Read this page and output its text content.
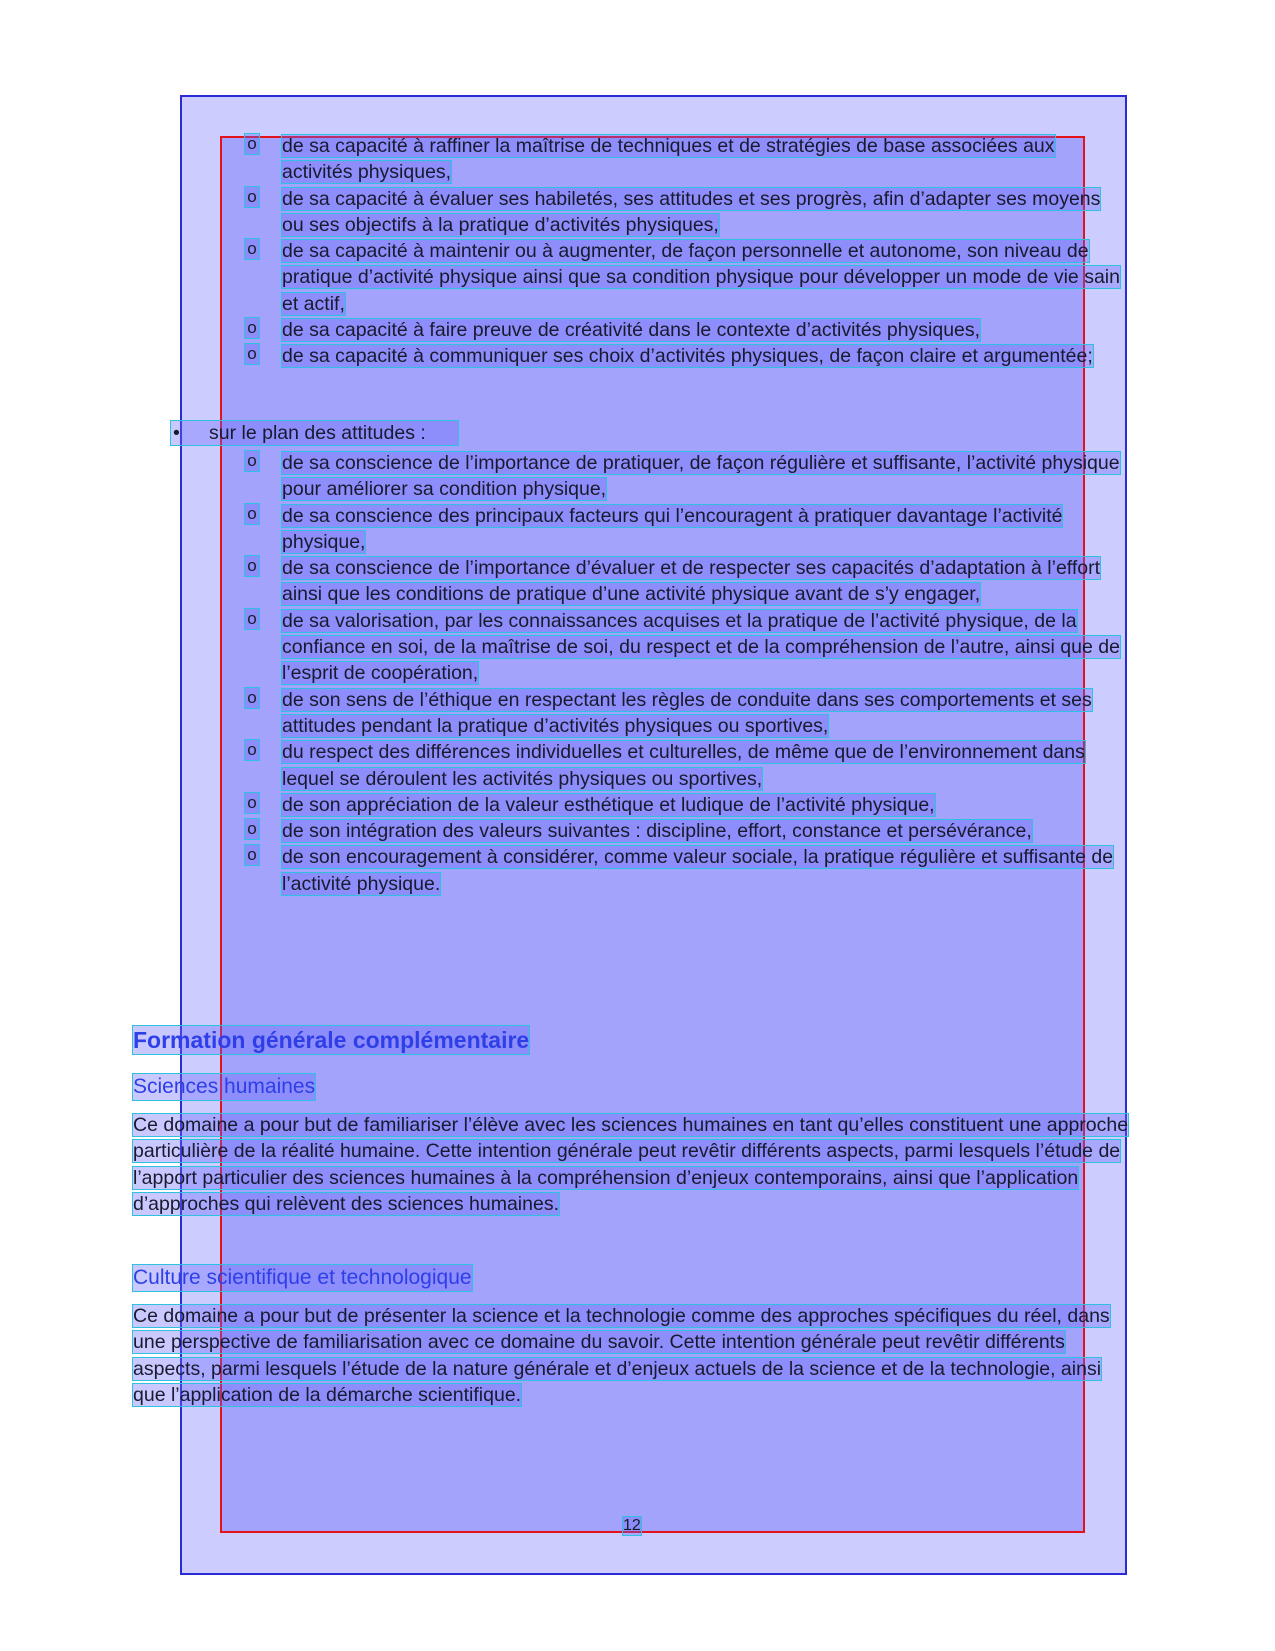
o de sa capacité à raffiner la maîtrise de techniques et de stratégies de base associées aux activités physiques,
o de sa capacité à évaluer ses habiletés, ses attitudes et ses progrès, afin d’adapter ses moyens ou ses objectifs à la pratique d’activités physiques,
o de sa capacité à maintenir ou à augmenter, de façon personnelle et autonome, son niveau de pratique d’activité physique ainsi que sa condition physique pour développer un mode de vie sain et actif,
o de sa capacité à faire preuve de créativité dans le contexte d’activités physiques,
o de sa capacité à communiquer ses choix d’activités physiques, de façon claire et argumentée;
• sur le plan des attitudes :
o de sa conscience de l’importance de pratiquer, de façon régulière et suffisante, l’activité physique pour améliorer sa condition physique,
o de sa conscience des principaux facteurs qui l’encouragent à pratiquer davantage l’activité physique,
o de sa conscience de l’importance d’évaluer et de respecter ses capacités d’adaptation à l’effort ainsi que les conditions de pratique d’une activité physique avant de s’y engager,
o de sa valorisation, par les connaissances acquises et la pratique de l’activité physique, de la confiance en soi, de la maîtrise de soi, du respect et de la compréhension de l’autre, ainsi que de l’esprit de coopération,
o de son sens de l’éthique en respectant les règles de conduite dans ses comportements et ses attitudes pendant la pratique d’activités physiques ou sportives,
o du respect des différences individuelles et culturelles, de même que de l’environnement dans lequel se déroulent les activités physiques ou sportives,
o de son appréciation de la valeur esthétique et ludique de l’activité physique,
o de son intégration des valeurs suivantes : discipline, effort, constance et persévérance,
o de son encouragement à considérer, comme valeur sociale, la pratique régulière et suffisante de l’activité physique.
Formation générale complémentaire
Sciences humaines
Ce domaine a pour but de familiariser l’élève avec les sciences humaines en tant qu’elles constituent une approche particulière de la réalité humaine. Cette intention générale peut revêtir différents aspects, parmi lesquels l’étude de l’apport particulier des sciences humaines à la compréhension d’enjeux contemporains, ainsi que l’application d’approches qui relèvent des sciences humaines.
Culture scientifique et technologique
Ce domaine a pour but de présenter la science et la technologie comme des approches spécifiques du réel, dans une perspective de familiarisation avec ce domaine du savoir. Cette intention générale peut revêtir différents aspects, parmi lesquels l’étude de la nature générale et d’enjeux actuels de la science et de la technologie, ainsi que l’application de la démarche scientifique.
12
